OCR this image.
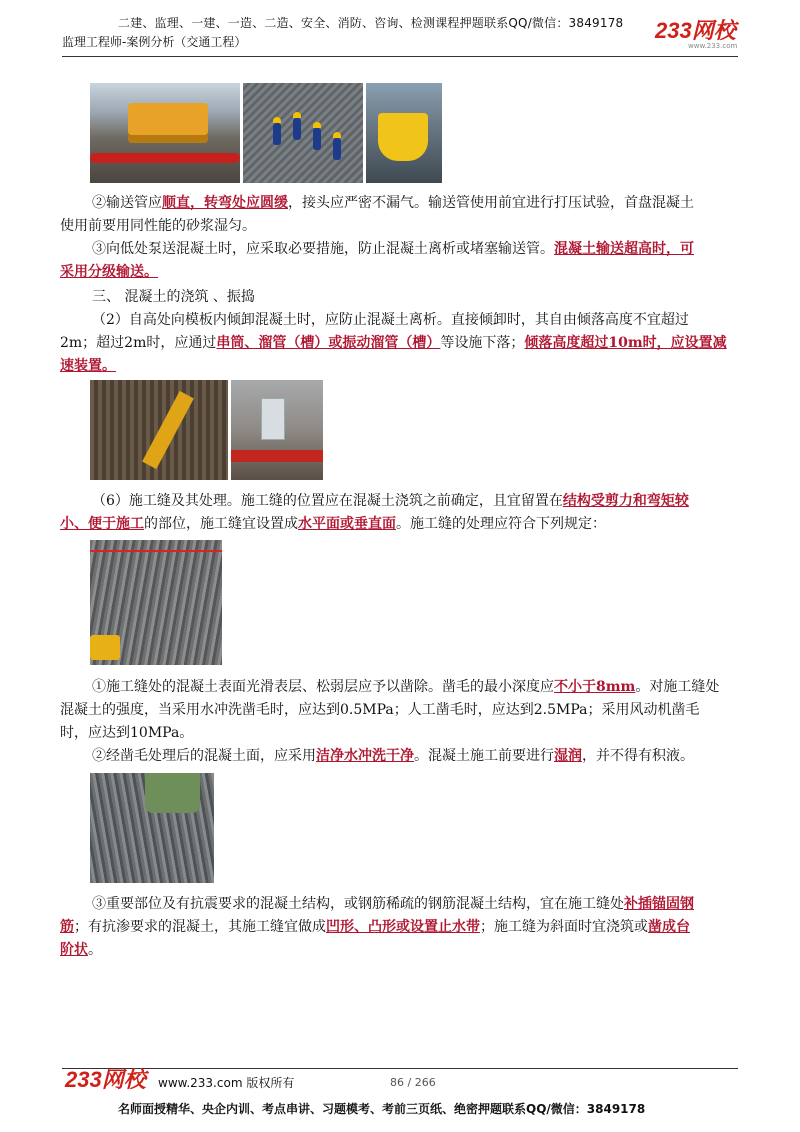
二建、监理、一建、一造、二造、安全、消防、咨询、检测课程押题联系QQ/微信：3849178
监理工程师-案例分析（交通工程）	233网校
www.233.com
②输送管应顺直，转弯处应圆缓，接头应严密不漏气。输送管使用前宜进行打压试验，首盘混凝土
使用前要用同性能的砂浆湿匀。
③向低处泵送混凝土时，应采取必要措施，防止混凝土离析或堵塞输送管。混凝土输送超高时，可
采用分级输送。
三、 混凝土的浇筑 、振捣
（2）自高处向模板内倾卸混凝土时，应防止混凝土离析。直接倾卸时，其自由倾落高度不宜超过
2m；超过2m时，应通过串筒、溜管（槽）或振动溜管（槽）等设施下落；倾落高度超过10m时，应设置减
速装置。
（6）施工缝及其处理。施工缝的位置应在混凝土浇筑之前确定，且宜留置在结构受剪力和弯矩较
小、便于施工的部位，施工缝宜设置成水平面或垂直面。施工缝的处理应符合下列规定：
①施工缝处的混凝土表面光滑表层、松弱层应予以凿除。凿毛的最小深度应不小于8mm。对施工缝处
混凝土的强度，当采用水冲洗凿毛时，应达到0.5MPa；人工凿毛时，应达到2.5MPa；采用风动机凿毛
时，应达到10MPa。
②经凿毛处理后的混凝土面，应采用洁净水冲洗干净。混凝土施工前要进行湿润，并不得有积液。
③重要部位及有抗震要求的混凝土结构，或钢筋稀疏的钢筋混凝土结构，宜在施工缝处补插锚固钢
筋；有抗渗要求的混凝土，其施工缝宜做成凹形、凸形或设置止水带；施工缝为斜面时宜浇筑或凿成台
阶状。
233网校 www.233.com 版权所有	86 / 266
名师面授精华、央企内训、考点串讲、习题模考、考前三页纸、绝密押题联系QQ/微信：3849178
